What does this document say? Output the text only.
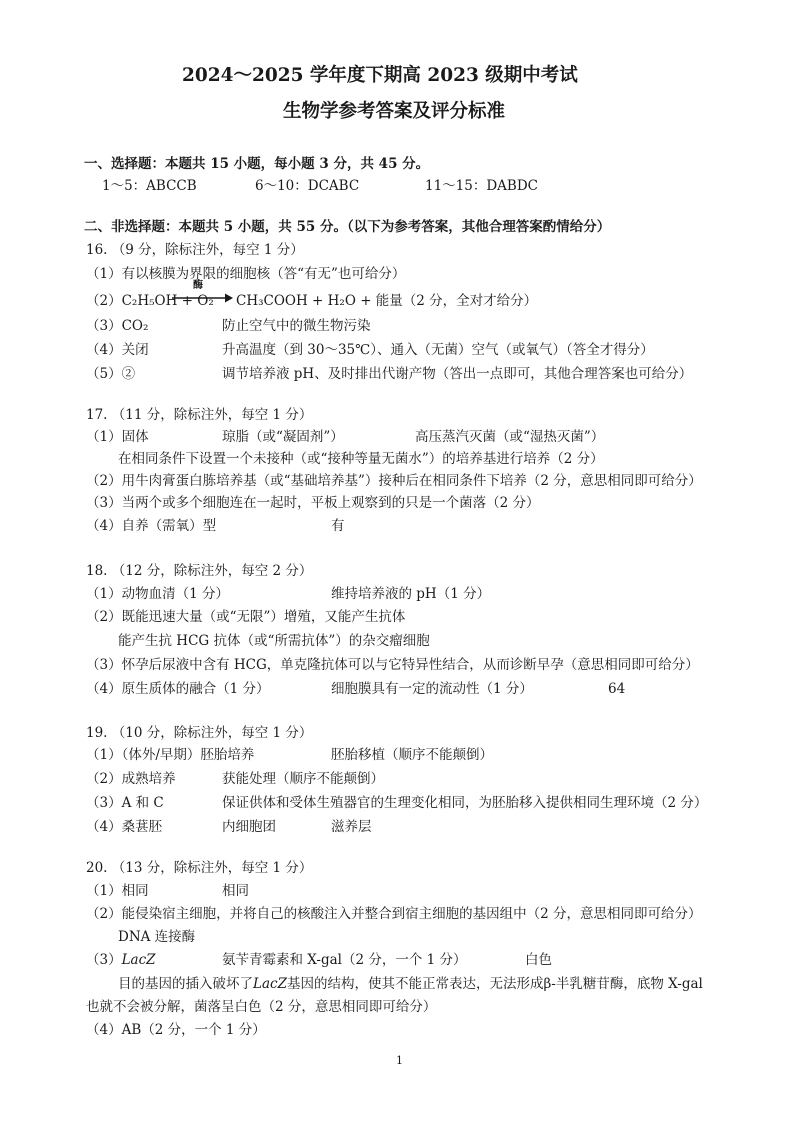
2024～2025 学年度下期高 2023 级期中考试
生物学参考答案及评分标准
一、选择题：本题共 15 小题，每小题 3 分，共 45 分。
1～5：ABCCB	6～10：DCABC	11～15：DABDC
二、非选择题：本题共 5 小题，共 55 分。（以下为参考答案，其他合理答案酌情给分）
16. （9 分，除标注外，每空 1 分）
（1）有以核膜为界限的细胞核（答“有无”也可给分）
（2）C₂H₅OH + O₂
酶
→ CH₃COOH + H₂O + 能量（2 分，全对才给分）
（3）CO₂	防止空气中的微生物污染
（4）关闭	升高温度（到 30～35℃）、通入（无菌）空气（或氧气）（答全才得分）
（5）②	调节培养液 pH、及时排出代谢产物（答出一点即可，其他合理答案也可给分）
17. （11 分，除标注外，每空 1 分）
（1）固体	琼脂（或“凝固剂”）	高压蒸汽灭菌（或“湿热灭菌”）
在相同条件下设置一个未接种（或“接种等量无菌水”）的培养基进行培养（2 分）
（2）用牛肉膏蛋白胨培养基（或“基础培养基”）接种后在相同条件下培养（2 分，意思相同即可给分）
（3）当两个或多个细胞连在一起时，平板上观察到的只是一个菌落（2 分）
（4）自养（需氧）型	有
18. （12 分，除标注外，每空 2 分）
（1）动物血清（1 分）	维持培养液的 pH（1 分）
（2）既能迅速大量（或“无限”）增殖，又能产生抗体
能产生抗 HCG 抗体（或“所需抗体”）的杂交瘤细胞
（3）怀孕后尿液中含有 HCG，单克隆抗体可以与它特异性结合，从而诊断早孕（意思相同即可给分）
（4）原生质体的融合（1 分）	细胞膜具有一定的流动性（1 分）	64
19. （10 分，除标注外，每空 1 分）
（1）（体外/早期）胚胎培养	胚胎移植（顺序不能颠倒）
（2）成熟培养	获能处理（顺序不能颠倒）
（3）A 和 C	保证供体和受体生殖器官的生理变化相同，为胚胎移入提供相同生理环境（2 分）
（4）桑葚胚	内细胞团	滋养层
20. （13 分，除标注外，每空 1 分）
（1）相同	相同
（2）能侵染宿主细胞，并将自己的核酸注入并整合到宿主细胞的基因组中（2 分，意思相同即可给分）
DNA 连接酶
（3）LacZ	氨苄青霉素和 X-gal（2 分，一个 1 分）	白色
目的基因的插入破坏了LacZ基因的结构，使其不能正常表达，无法形成β-半乳糖苷酶，底物 X-gal
也就不会被分解，菌落呈白色（2 分，意思相同即可给分）
（4）AB（2 分，一个 1 分）
1
